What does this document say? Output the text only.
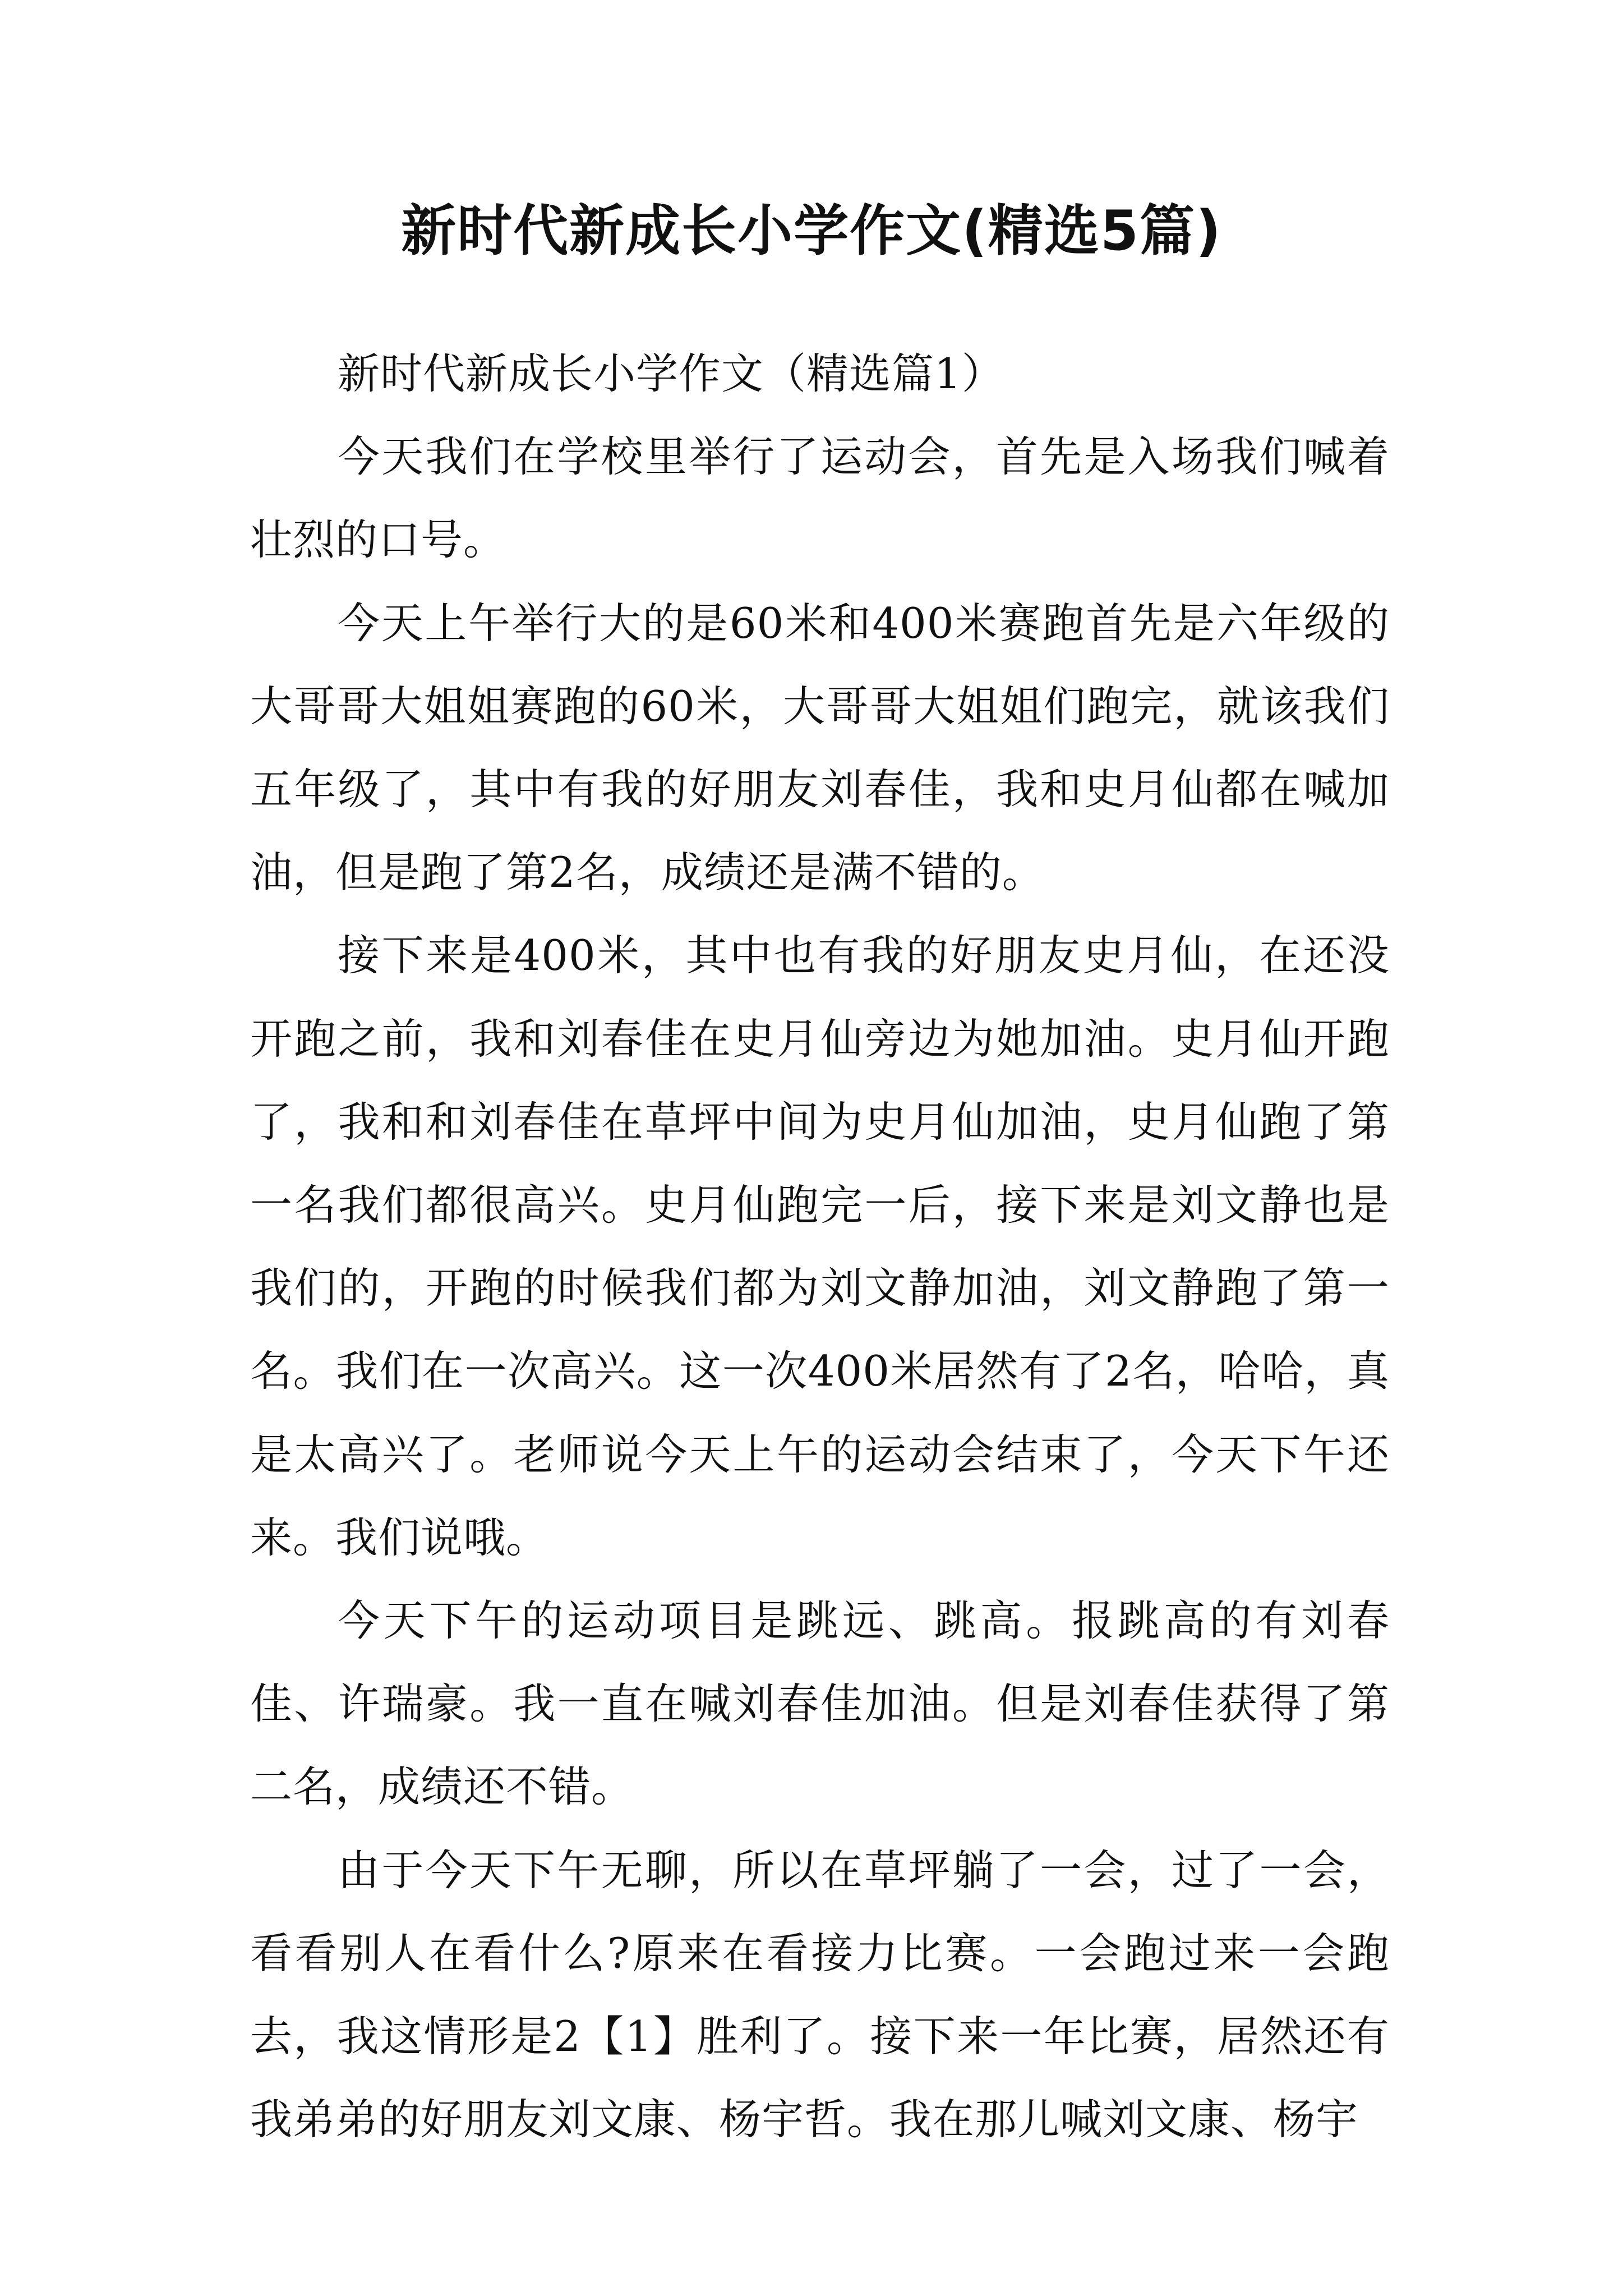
新时代新成长小学作文(精选5篇)

新时代新成长小学作文（精选篇1）

今天我们在学校里举行了运动会，首先是入场我们喊着壮烈的口号。

今天上午举行大的是60米和400米赛跑首先是六年级的大哥哥大姐姐赛跑的60米，大哥哥大姐姐们跑完，就该我们五年级了，其中有我的好朋友刘春佳，我和史月仙都在喊加油，但是跑了第2名，成绩还是满不错的。

接下来是400米，其中也有我的好朋友史月仙，在还没开跑之前，我和刘春佳在史月仙旁边为她加油。史月仙开跑了，我和和刘春佳在草坪中间为史月仙加油，史月仙跑了第一名我们都很高兴。史月仙跑完一后，接下来是刘文静也是我们的，开跑的时候我们都为刘文静加油，刘文静跑了第一名。我们在一次高兴。这一次400米居然有了2名，哈哈，真是太高兴了。老师说今天上午的运动会结束了，今天下午还来。我们说哦。

今天下午的运动项目是跳远、跳高。报跳高的有刘春佳、许瑞豪。我一直在喊刘春佳加油。但是刘春佳获得了第二名，成绩还不错。

由于今天下午无聊，所以在草坪躺了一会，过了一会，看看别人在看什么?原来在看接力比赛。一会跑过来一会跑去，我这情形是2【1】胜利了。接下来一年比赛，居然还有我弟弟的好朋友刘文康、杨宇哲。我在那儿喊刘文康、杨宇
